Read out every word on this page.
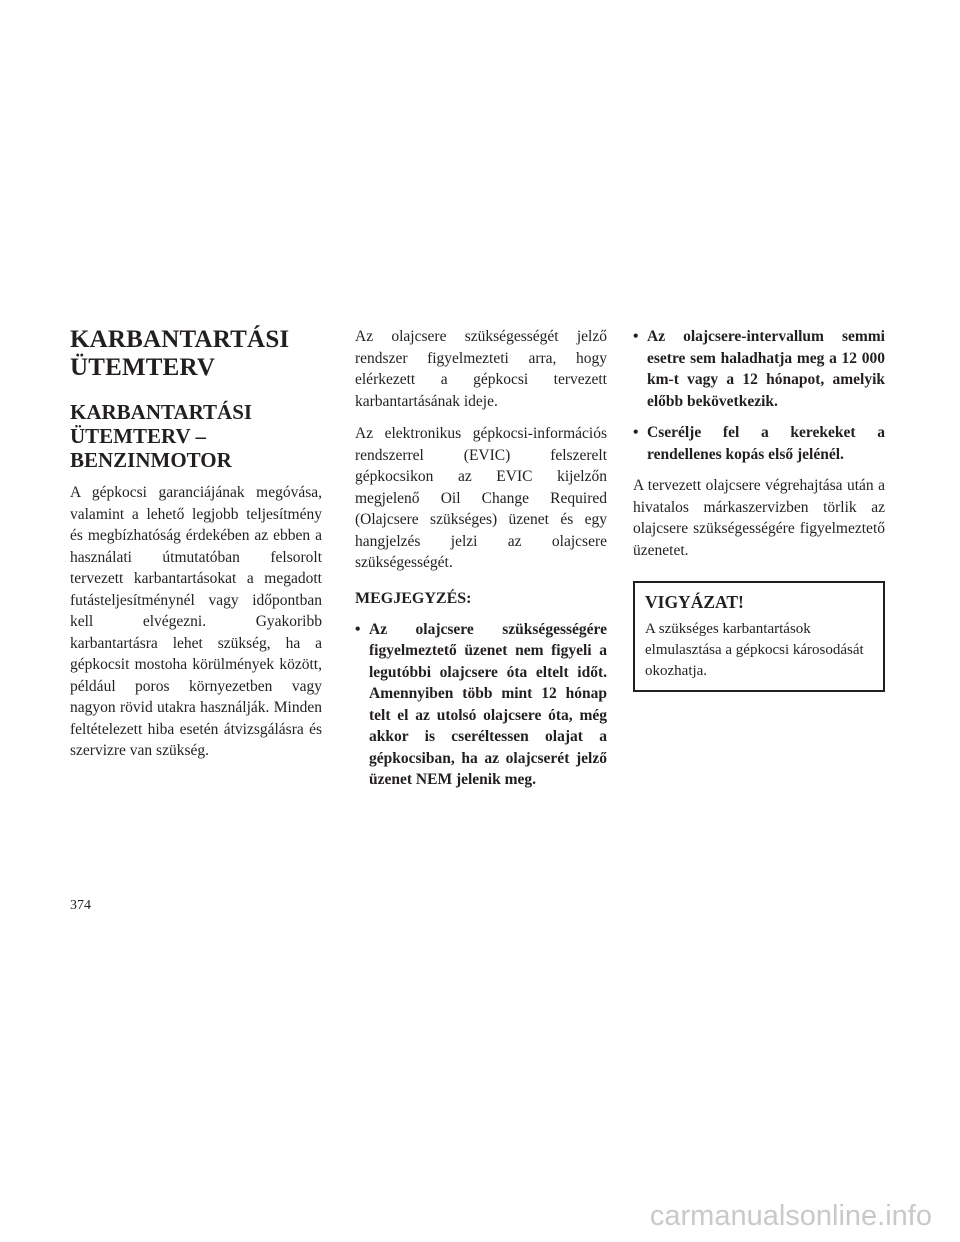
KARBANTARTÁSI ÜTEMTERV
KARBANTARTÁSI ÜTEMTERV – BENZINMOTOR

A gépkocsi garanciájának megóvása, valamint a lehető legjobb teljesítmény és megbízhatóság érdekében az ebben a használati útmutatóban felsorolt tervezett karbantartásokat a megadott futásteljesítménynél vagy időpontban kell elvégezni. Gyakoribb karbantartásra lehet szükség, ha a gépkocsit mostoha körülmények között, például poros környezetben vagy nagyon rövid utakra használják. Minden feltételezett hiba esetén átvizsgálásra és szervizre van szükség.

Az olajcsere szükségességét jelző rendszer figyelmezteti arra, hogy elérkezett a gépkocsi tervezett karbantartásának ideje.

Az elektronikus gépkocsi-információs rendszerrel (EVIC) felszerelt gépkocsikon az EVIC kijelzőn megjelenő Oil Change Required (Olajcsere szükséges) üzenet és egy hangjelzés jelzi az olajcsere szükségességét.

MEGJEGYZÉS:
• Az olajcsere szükségességére figyelmeztető üzenet nem figyeli a legutóbbi olajcsere óta eltelt időt. Amennyiben több mint 12 hónap telt el az utolsó olajcsere óta, még akkor is cseréltessen olajat a gépkocsiban, ha az olajcserét jelző üzenet NEM jelenik meg.
• Az olajcsere-intervallum semmi esetre sem haladhatja meg a 12 000 km-t vagy a 12 hónapot, amelyik előbb bekövetkezik.
• Cserélje fel a kerekeket a rendellenes kopás első jelénél.

A tervezett olajcsere végrehajtása után a hivatalos márkaszervizben törlik az olajcsere szükségességére figyelmeztető üzenetet.

VIGYÁZAT!

A szükséges karbantartások elmulasztása a gépkocsi károsodását okozhatja.

374
carmanualsonline.info
